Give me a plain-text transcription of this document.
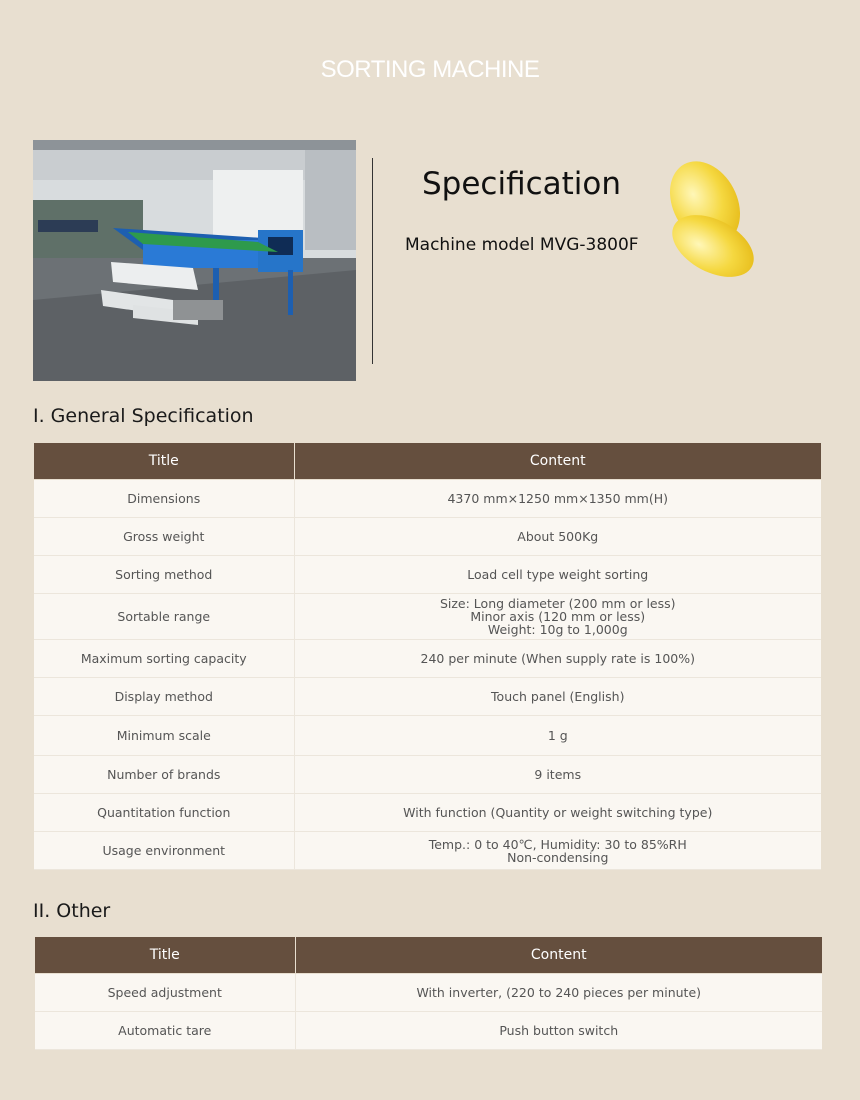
SORTING MACHINE
Specification
Machine model MVG-3800F
I. General Specification
Title	Content
Dimensions	4370 mm×1250 mm×1350 mm(H)

Gross weight	About 500Kg

Sorting method	Load cell type weight sorting

Sortable range	Size: Long diameter (200 mm or less)
Minor axis (120 mm or less)
Weight: 10g to 1,000g

Maximum sorting capacity	240 per minute (When supply rate is 100%)

Display method	Touch panel (English)

Minimum scale	1 g

Number of brands	9 items

Quantitation function	With function (Quantity or weight switching type)

Usage environment	Temp.: 0 to 40℃, Humidity: 30 to 85%RH
Non-condensing
II. Other
Title	Content
Speed adjustment	With inverter, (220 to 240 pieces per minute)

Automatic tare	Push button switch
